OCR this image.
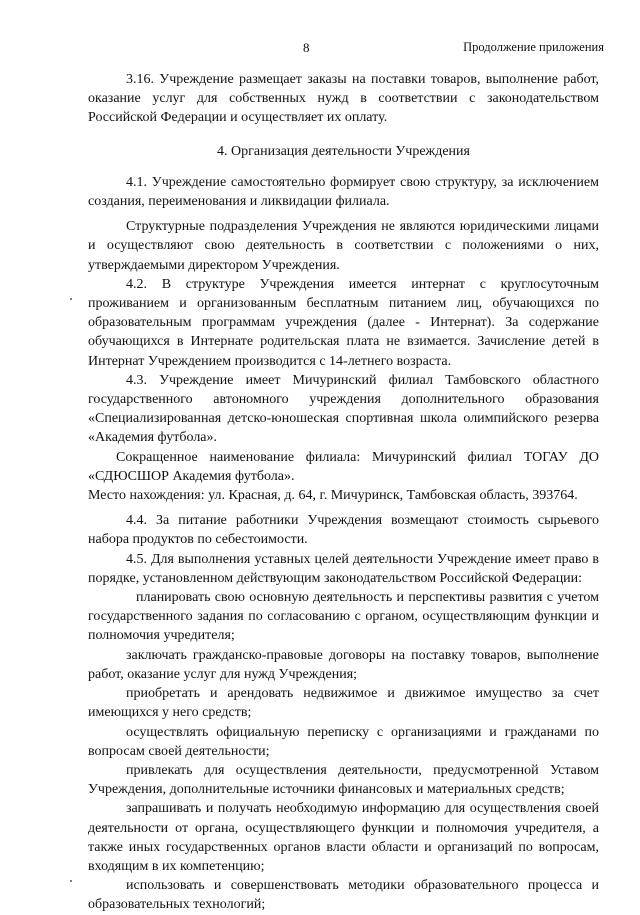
8	Продолжение приложения

3.16. Учреждение размещает заказы на поставки товаров, выполнение работ, оказание услуг для собственных нужд в соответствии с законодательством Российской Федерации и осуществляет их оплату.

4. Организация деятельности Учреждения

4.1. Учреждение самостоятельно формирует свою структуру, за исключением создания, переименования и ликвидации филиала.

Структурные подразделения Учреждения не являются юридическими лицами и осуществляют свою деятельность в соответствии с положениями о них, утверждаемыми директором Учреждения.

4.2. В структуре Учреждения имеется интернат с круглосуточным проживанием и организованным бесплатным питанием лиц, обучающихся по образовательным программам учреждения (далее - Интернат). За содержание обучающихся в Интернате родительская плата не взимается. Зачисление детей в Интернат Учреждением производится с 14-летнего возраста.

4.3. Учреждение имеет Мичуринский филиал Тамбовского областного государственного автономного учреждения дополнительного образования «Специализированная детско-юношеская спортивная школа олимпийского резерва «Академия футбола».

Сокращенное наименование филиала: Мичуринский филиал ТОГАУ ДО «СДЮСШОР Академия футбола».

Место нахождения: ул. Красная, д. 64, г. Мичуринск, Тамбовская область, 393764.

4.4. За питание работники Учреждения возмещают стоимость сырьевого набора продуктов по себестоимости.

4.5. Для выполнения уставных целей деятельности Учреждение имеет право в порядке, установленном действующим законодательством Российской Федерации:

планировать свою основную деятельность и перспективы развития с учетом государственного задания по согласованию с органом, осуществляющим функции и полномочия учредителя;

заключать гражданско-правовые договоры на поставку товаров, выполнение работ, оказание услуг для нужд Учреждения;

приобретать и арендовать недвижимое и движимое имущество за счет имеющихся у него средств;

осуществлять официальную переписку с организациями и гражданами по вопросам своей деятельности;

привлекать для осуществления деятельности, предусмотренной Уставом Учреждения, дополнительные источники финансовых и материальных средств;

запрашивать и получать необходимую информацию для осуществления своей деятельности от органа, осуществляющего функции и полномочия учредителя, а также иных государственных органов власти области и организаций по вопросам, входящим в их компетенцию;

использовать и совершенствовать методики образовательного процесса и образовательных технологий;
